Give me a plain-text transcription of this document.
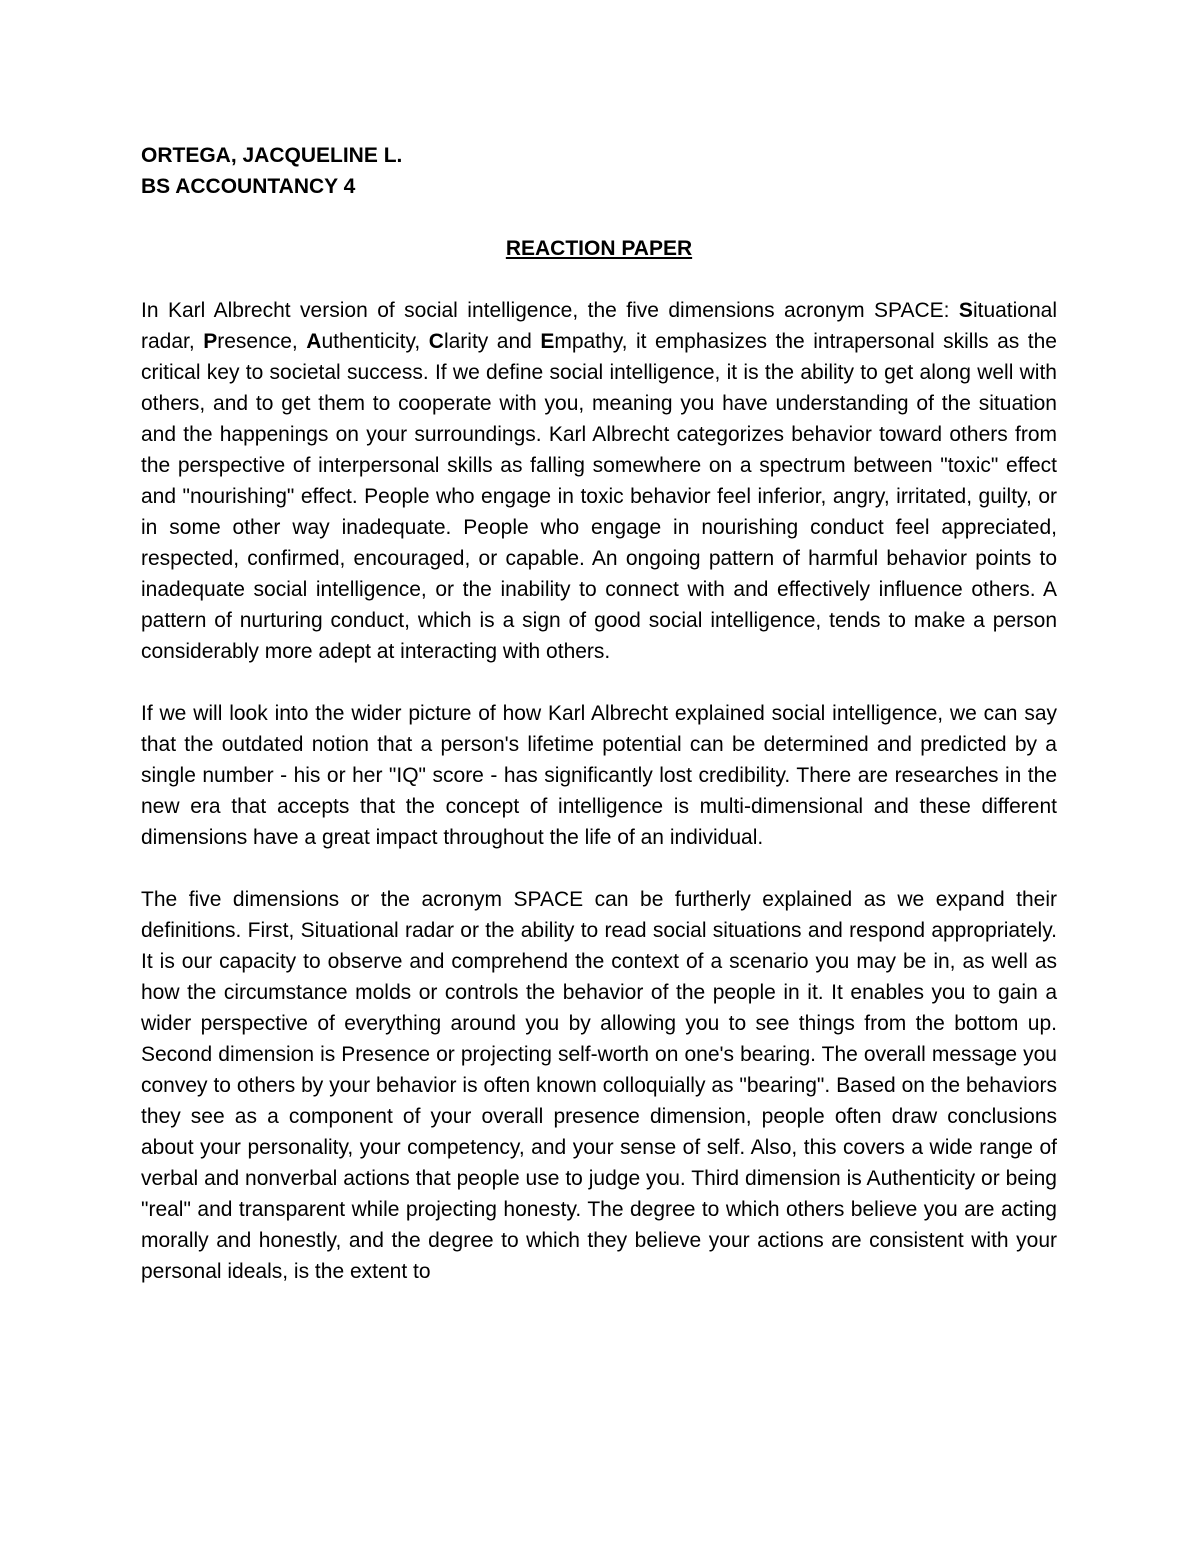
ORTEGA, JACQUELINE L.

BS ACCOUNTANCY 4

REACTION PAPER

In Karl Albrecht version of social intelligence, the five dimensions acronym SPACE: Situational radar, Presence, Authenticity, Clarity and Empathy, it emphasizes the intrapersonal skills as the critical key to societal success. If we define social intelligence, it is the ability to get along well with others, and to get them to cooperate with you, meaning you have understanding of the situation and the happenings on your surroundings. Karl Albrecht categorizes behavior toward others from the perspective of interpersonal skills as falling somewhere on a spectrum between "toxic" effect and "nourishing" effect. People who engage in toxic behavior feel inferior, angry, irritated, guilty, or in some other way inadequate. People who engage in nourishing conduct feel appreciated, respected, confirmed, encouraged, or capable. An ongoing pattern of harmful behavior points to inadequate social intelligence, or the inability to connect with and effectively influence others. A pattern of nurturing conduct, which is a sign of good social intelligence, tends to make a person considerably more adept at interacting with others.

If we will look into the wider picture of how Karl Albrecht explained social intelligence, we can say that the outdated notion that a person's lifetime potential can be determined and predicted by a single number - his or her "IQ" score - has significantly lost credibility. There are researches in the new era that accepts that the concept of intelligence is multi-dimensional and these different dimensions have a great impact throughout the life of an individual.

The five dimensions or the acronym SPACE can be furtherly explained as we expand their definitions. First, Situational radar or the ability to read social situations and respond appropriately. It is our capacity to observe and comprehend the context of a scenario you may be in, as well as how the circumstance molds or controls the behavior of the people in it. It enables you to gain a wider perspective of everything around you by allowing you to see things from the bottom up. Second dimension is Presence or projecting self-worth on one's bearing. The overall message you convey to others by your behavior is often known colloquially as "bearing". Based on the behaviors they see as a component of your overall presence dimension, people often draw conclusions about your personality, your competency, and your sense of self. Also, this covers a wide range of verbal and nonverbal actions that people use to judge you. Third dimension is Authenticity or being "real" and transparent while projecting honesty. The degree to which others believe you are acting morally and honestly, and the degree to which they believe your actions are consistent with your personal ideals, is the extent to
